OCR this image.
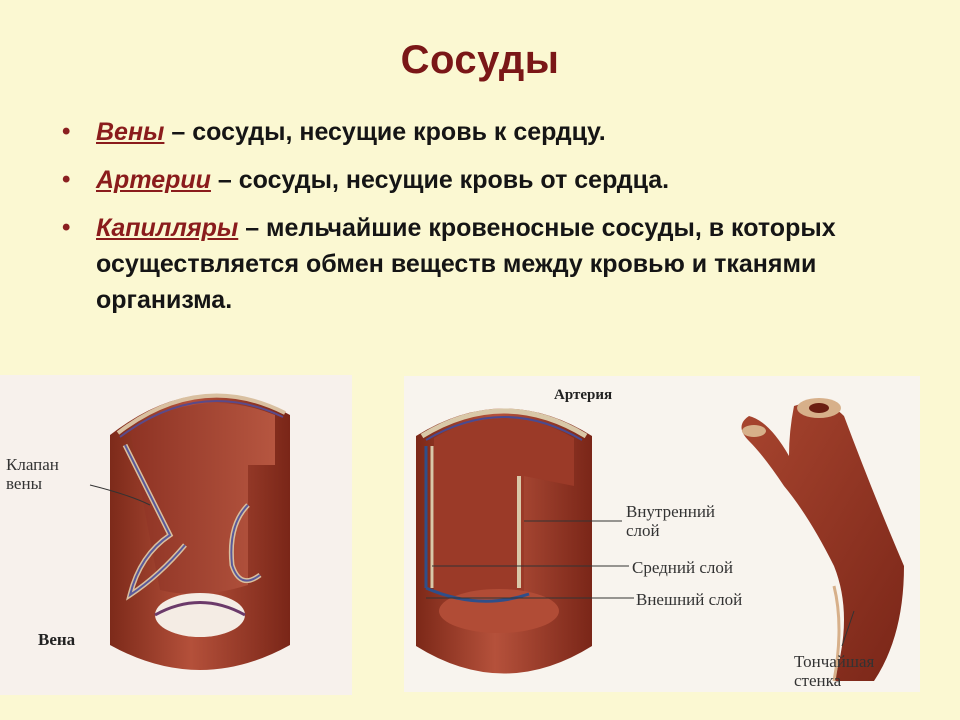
Сосуды
• Вены – сосуды, несущие кровь к сердцу.
• Артерии – сосуды, несущие кровь от сердца.
• Капилляры – мельчайшие кровеносные сосуды, в которых осуществляется обмен веществ между кровью и тканями организма.
Клапан
вены
Вена
Артерия
Внутренний
слой
Средний слой
Внешний слой
Тончайшая
стенка
